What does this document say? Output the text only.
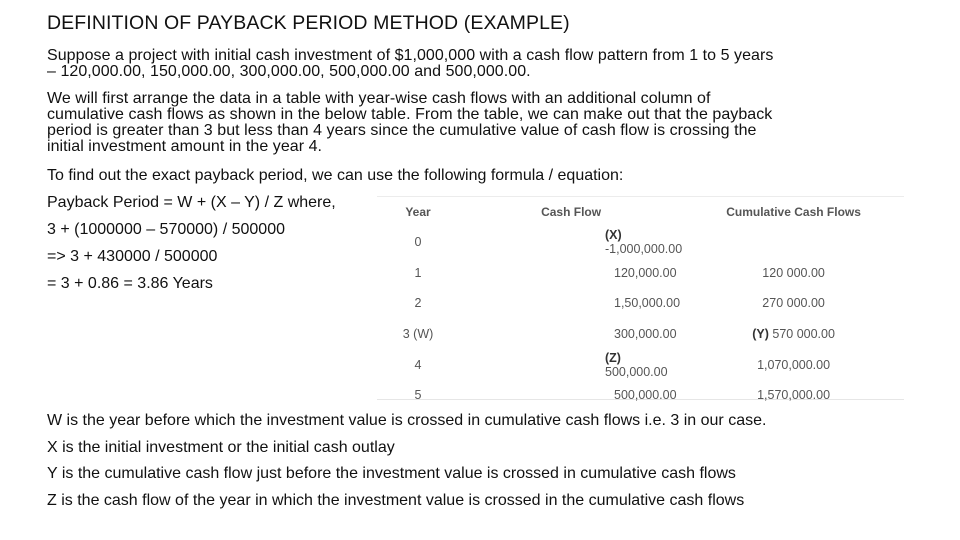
DEFINITION OF PAYBACK PERIOD METHOD (EXAMPLE)
Suppose a project with initial cash investment of $1,000,000 with a cash flow pattern from 1 to 5 years
– 120,000.00, 150,000.00, 300,000.00, 500,000.00 and 500,000.00.
We will first arrange the data in a table with year-wise cash flows with an additional column of
cumulative cash flows as shown in the below table. From the table, we can make out that the payback
period is greater than 3 but less than 4 years since the cumulative value of cash flow is crossing the
initial investment amount in the year 4.
To find out the exact payback period, we can use the following formula / equation:
Payback Period = W + (X – Y) / Z where,
3 + (1000000 – 570000) / 500000
=> 3 + 430000 / 500000
= 3 + 0.86 = 3.86 Years
Year	Cash Flow	Cumulative Cash Flows
0	(X) -1,000,000.00	
1	120,000.00	120 000.00
2	1,50,000.00	270 000.00
3 (W)	300,000.00	(Y) 570 000.00
4	(Z) 500,000.00	1,070,000.00
5	500,000.00	1,570,000.00
W is the year before which the investment value is crossed in cumulative cash flows i.e. 3 in our case.
X is the initial investment or the initial cash outlay
Y is the cumulative cash flow just before the investment value is crossed in cumulative cash flows
Z is the cash flow of the year in which the investment value is crossed in the cumulative cash flows
